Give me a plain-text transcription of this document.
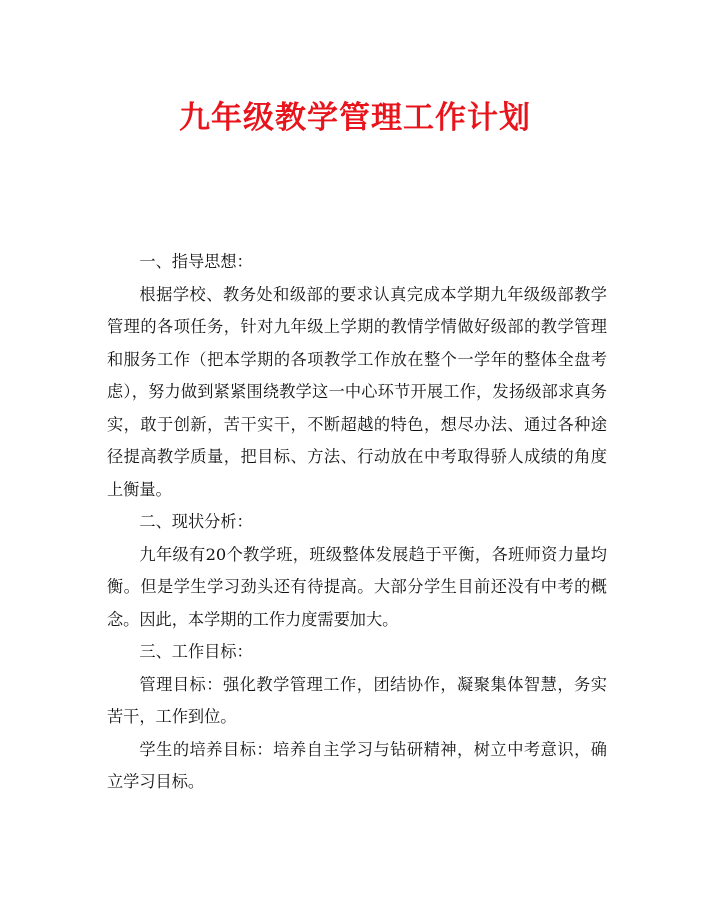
九年级教学管理工作计划

一、指导思想：

根据学校、教务处和级部的要求认真完成本学期九年级级部教学管理的各项任务，针对九年级上学期的教情学情做好级部的教学管理和服务工作（把本学期的各项教学工作放在整个一学年的整体全盘考虑），努力做到紧紧围绕教学这一中心环节开展工作，发扬级部求真务实，敢于创新，苦干实干，不断超越的特色，想尽办法、通过各种途径提高教学质量，把目标、方法、行动放在中考取得骄人成绩的角度上衡量。

二、现状分析：

九年级有20个教学班，班级整体发展趋于平衡，各班师资力量均衡。但是学生学习劲头还有待提高。大部分学生目前还没有中考的概念。因此，本学期的工作力度需要加大。

三、工作目标：

管理目标：强化教学管理工作，团结协作，凝聚集体智慧，务实苦干，工作到位。

学生的培养目标：培养自主学习与钻研精神，树立中考意识，确立学习目标。
